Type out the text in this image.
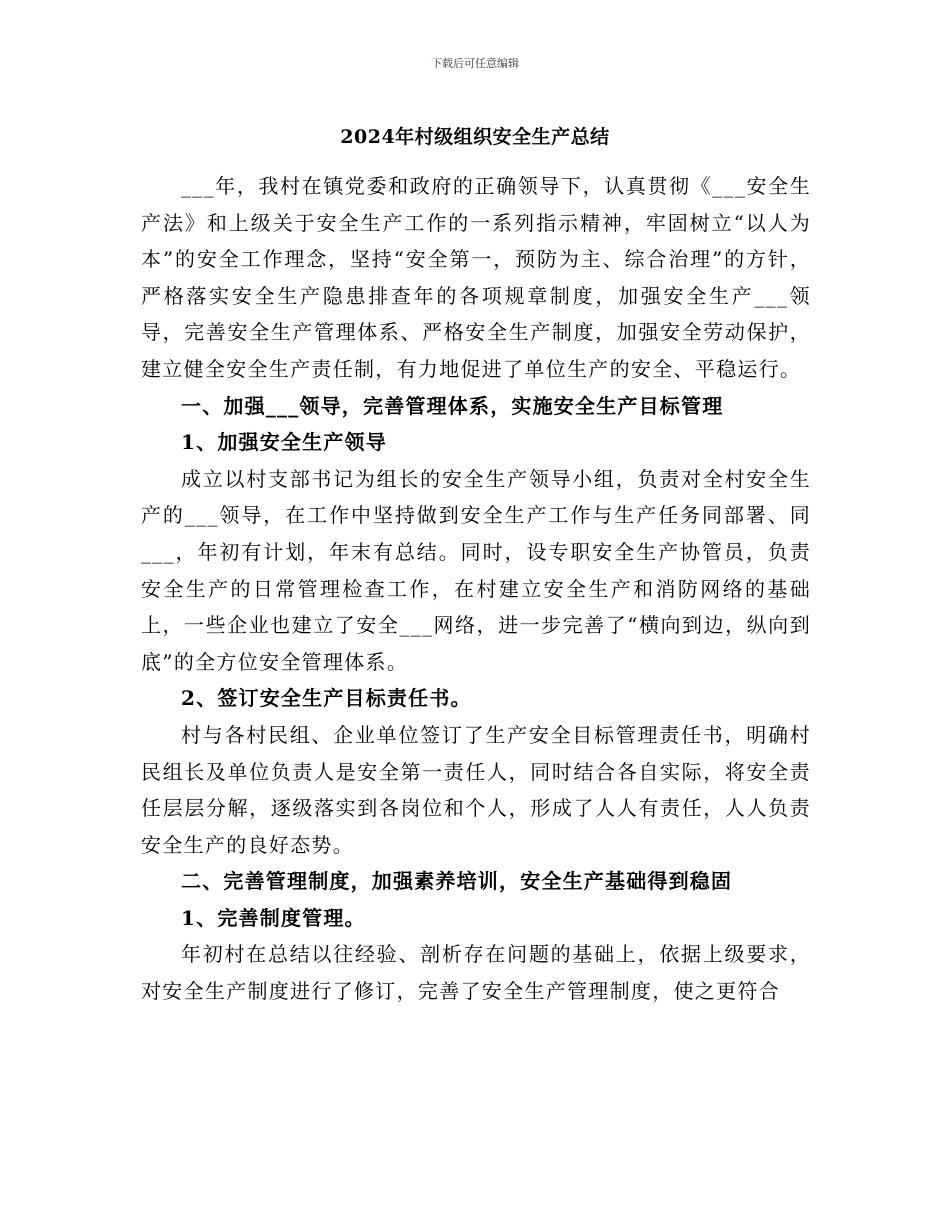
下载后可任意编辑
2024年村级组织安全生产总结

___年，我村在镇党委和政府的正确领导下，认真贯彻《___安全生产法》和上级关于安全生产工作的一系列指示精神，牢固树立“以人为本”的安全工作理念，坚持“安全第一，预防为主、综合治理”的方针，严格落实安全生产隐患排查年的各项规章制度，加强安全生产___领导，完善安全生产管理体系、严格安全生产制度，加强安全劳动保护，建立健全安全生产责任制，有力地促进了单位生产的安全、平稳运行。

一、加强___领导，完善管理体系，实施安全生产目标管理
1、加强安全生产领导

成立以村支部书记为组长的安全生产领导小组，负责对全村安全生产的___领导，在工作中坚持做到安全生产工作与生产任务同部署、同___，年初有计划，年末有总结。同时，设专职安全生产协管员，负责安全生产的日常管理检查工作，在村建立安全生产和消防网络的基础上，一些企业也建立了安全___网络，进一步完善了“横向到边，纵向到底”的全方位安全管理体系。

2、签订安全生产目标责任书。

村与各村民组、企业单位签订了生产安全目标管理责任书，明确村民组长及单位负责人是安全第一责任人，同时结合各自实际，将安全责任层层分解，逐级落实到各岗位和个人，形成了人人有责任，人人负责安全生产的良好态势。

二、完善管理制度，加强素养培训，安全生产基础得到稳固
1、完善制度管理。

年初村在总结以往经验、剖析存在问题的基础上，依据上级要求，对安全生产制度进行了修订，完善了安全生产管理制度，使之更符合
